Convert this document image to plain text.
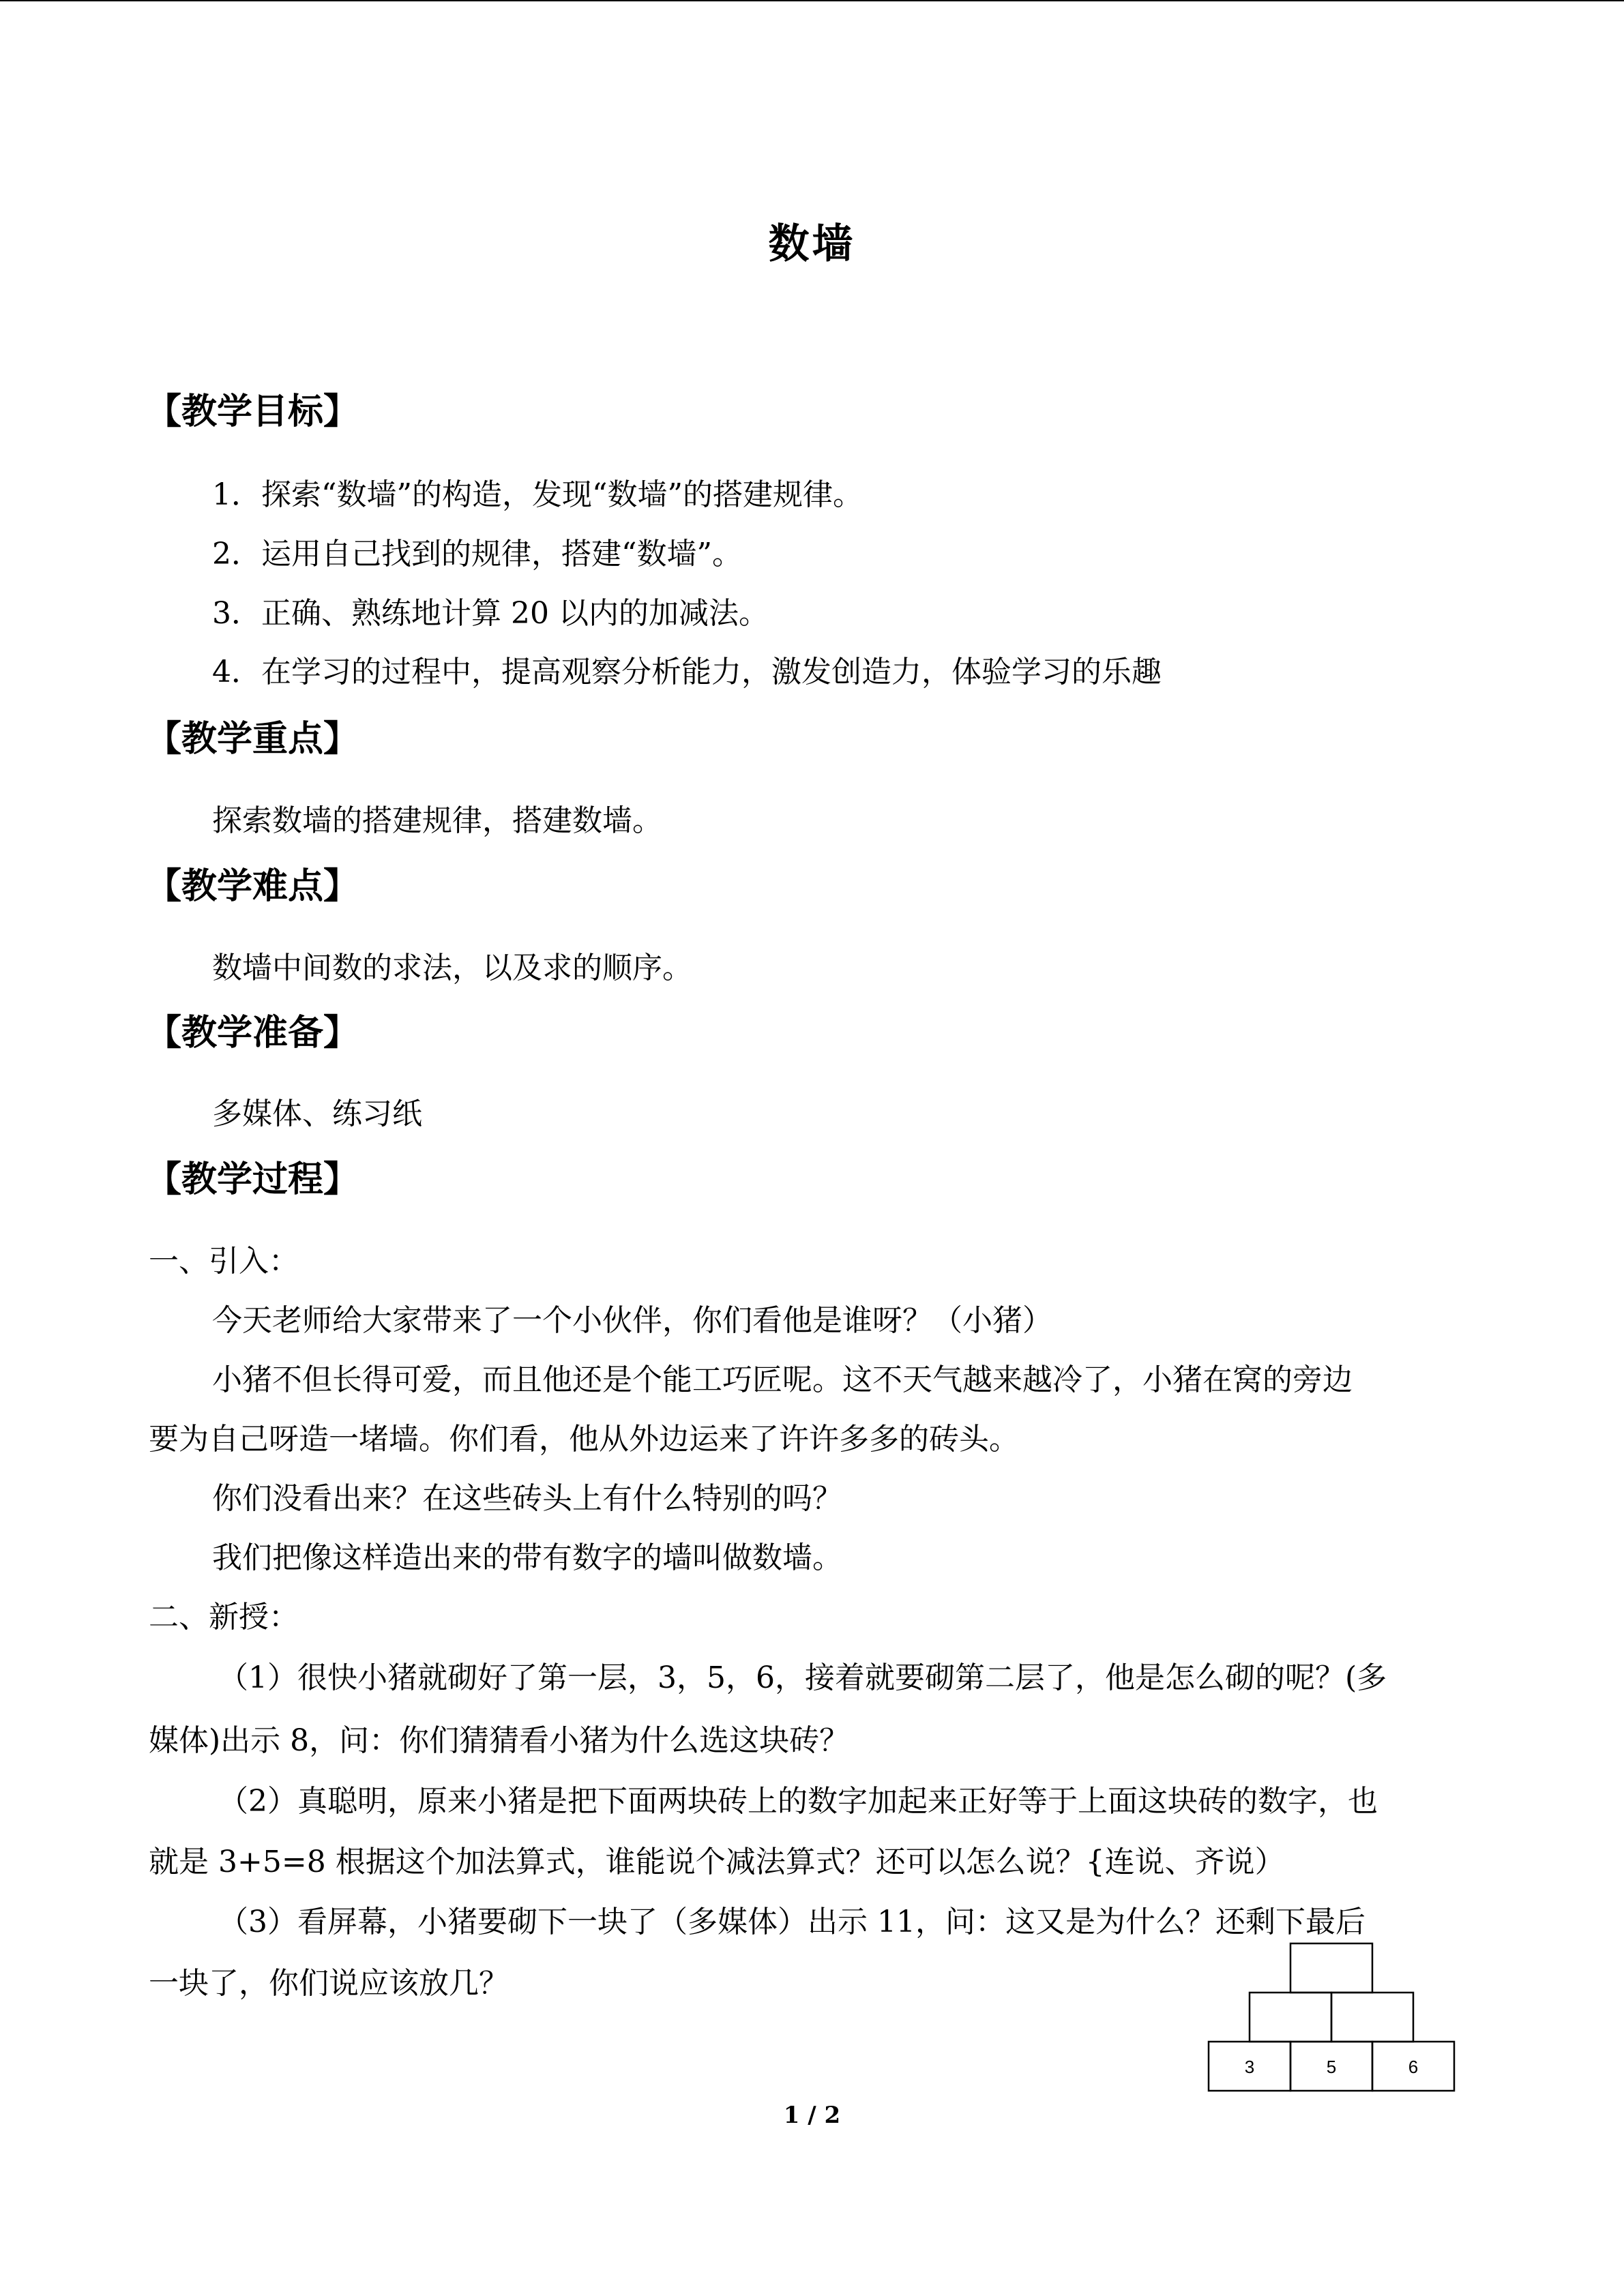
数墙
【教学目标】
1．探索“数墙”的构造，发现“数墙”的搭建规律。
2．运用自己找到的规律，搭建“数墙”。
3．正确、熟练地计算 20 以内的加减法。
4．在学习的过程中，提高观察分析能力，激发创造力，体验学习的乐趣
【教学重点】
探索数墙的搭建规律，搭建数墙。
【教学难点】
数墙中间数的求法，以及求的顺序。
【教学准备】
多媒体、练习纸
【教学过程】
一、引入：
今天老师给大家带来了一个小伙伴，你们看他是谁呀？（小猪）
小猪不但长得可爱，而且他还是个能工巧匠呢。这不天气越来越冷了，小猪在窝的旁边
要为自己呀造一堵墙。你们看，他从外边运来了许许多多的砖头。
你们没看出来？在这些砖头上有什么特别的吗？
我们把像这样造出来的带有数字的墙叫做数墙。
二、新授：
（1）很快小猪就砌好了第一层，3，5，6，接着就要砌第二层了，他是怎么砌的呢？(多
媒体)出示 8，问：你们猜猜看小猪为什么选这块砖？
（2）真聪明，原来小猪是把下面两块砖上的数字加起来正好等于上面这块砖的数字，也
就是 3+5=8 根据这个加法算式，谁能说个减法算式？还可以怎么说？{连说、齐说）
（3）看屏幕，小猪要砌下一块了（多媒体）出示 11，问：这又是为什么？还剩下最后
一块了，你们说应该放几？
3	5	6
1 / 2
